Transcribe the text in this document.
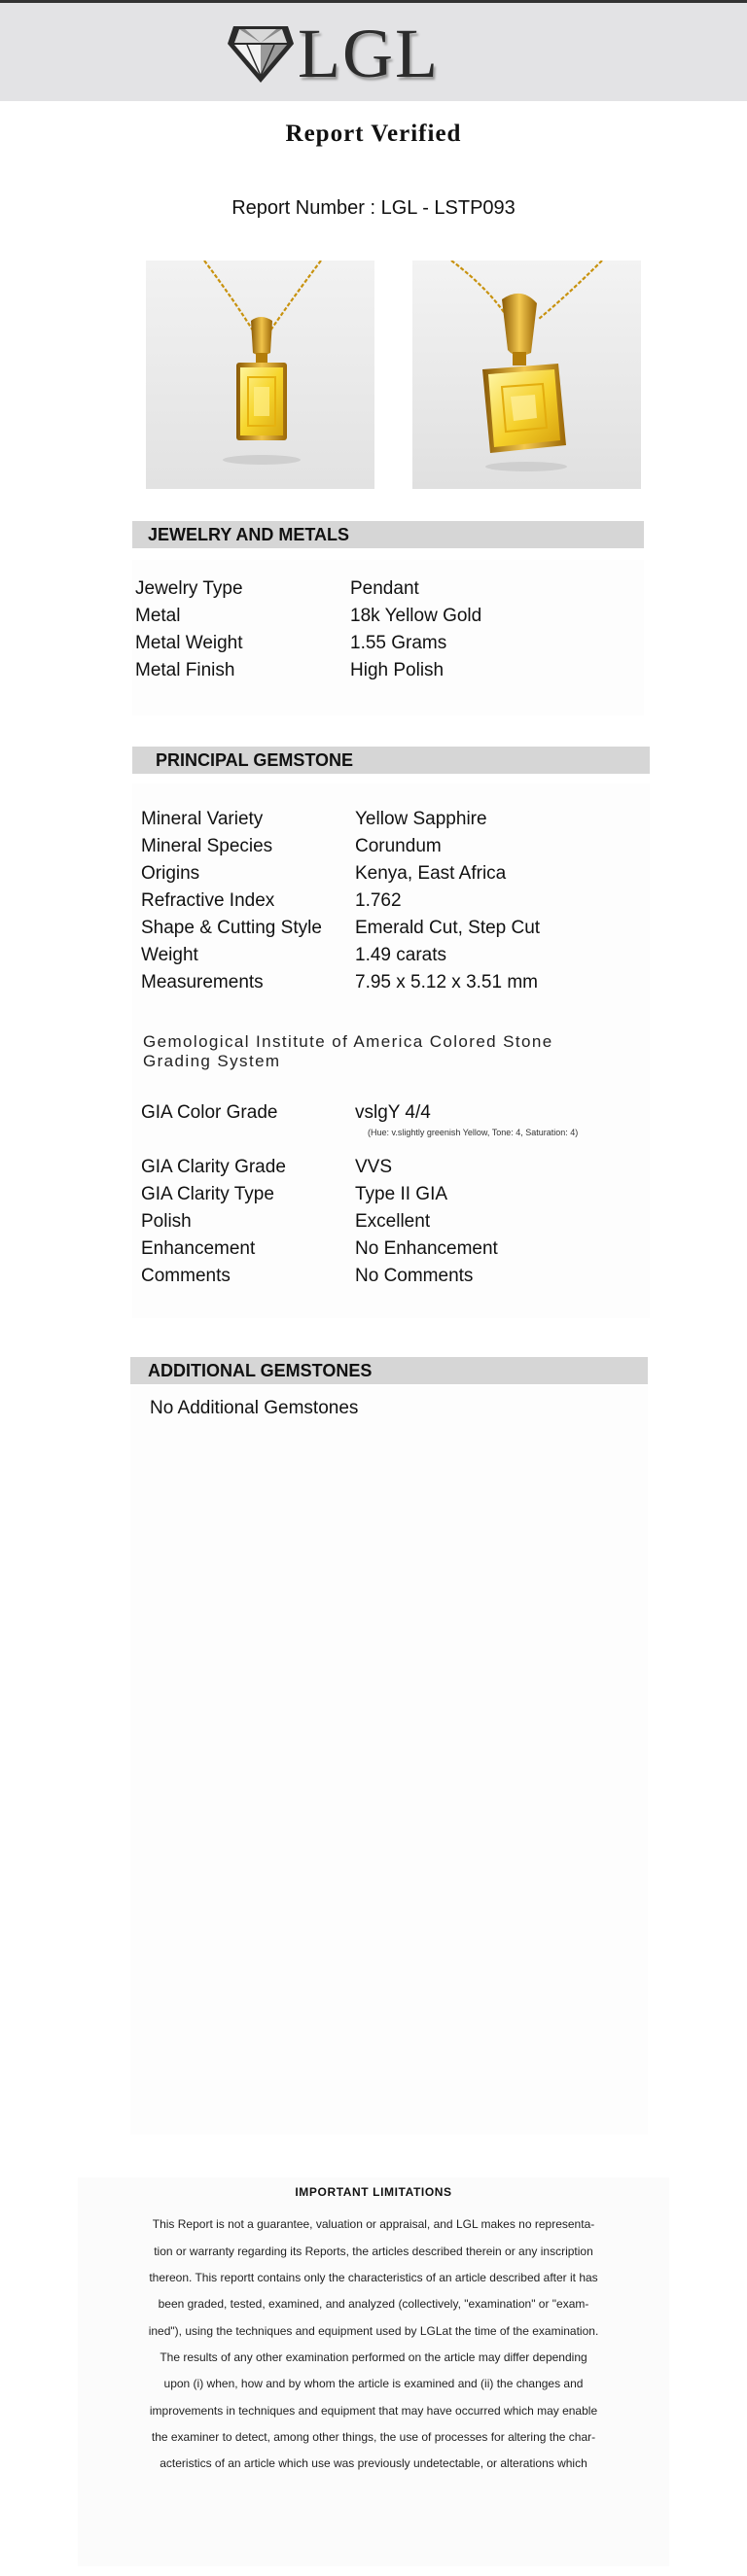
LGL
Report Verified
Report Number : LGL - LSTP093
JEWELRY AND METALS
Jewelry Type	Pendant
Metal	18k Yellow Gold
Metal Weight	1.55 Grams
Metal Finish	High Polish
PRINCIPAL GEMSTONE
Mineral Variety	Yellow Sapphire
Mineral Species	Corundum
Origins	Kenya, East Africa
Refractive Index	1.762
Shape & Cutting Style	Emerald Cut, Step Cut
Weight	1.49 carats
Measurements	7.95 x 5.12 x 3.51 mm
Gemological Institute of America Colored Stone Grading System
GIA Color Grade	vslgY 4/4
(Hue: v.slightly greenish Yellow, Tone: 4, Saturation: 4)
GIA Clarity Grade	VVS
GIA Clarity Type	Type II GIA
Polish	Excellent
Enhancement	No Enhancement
Comments	No Comments
ADDITIONAL GEMSTONES
No Additional Gemstones
IMPORTANT LIMITATIONS
This Report is not a guarantee, valuation or appraisal, and LGL makes no representa-
tion or warranty regarding its Reports, the articles described therein or any inscription
thereon. This reportt contains only the characteristics of an article described after it has
been graded, tested, examined, and analyzed (collectively, "examination" or "exam-
ined"), using the techniques and equipment used by LGLat the time of the examination.
The results of any other examination performed on the article may differ depending
upon (i) when, how and by whom the article is examined and (ii) the changes and
improvements in techniques and equipment that may have occurred which may enable
the examiner to detect, among other things, the use of processes for altering the char-
acteristics of an article which use was previously undetectable, or alterations which
